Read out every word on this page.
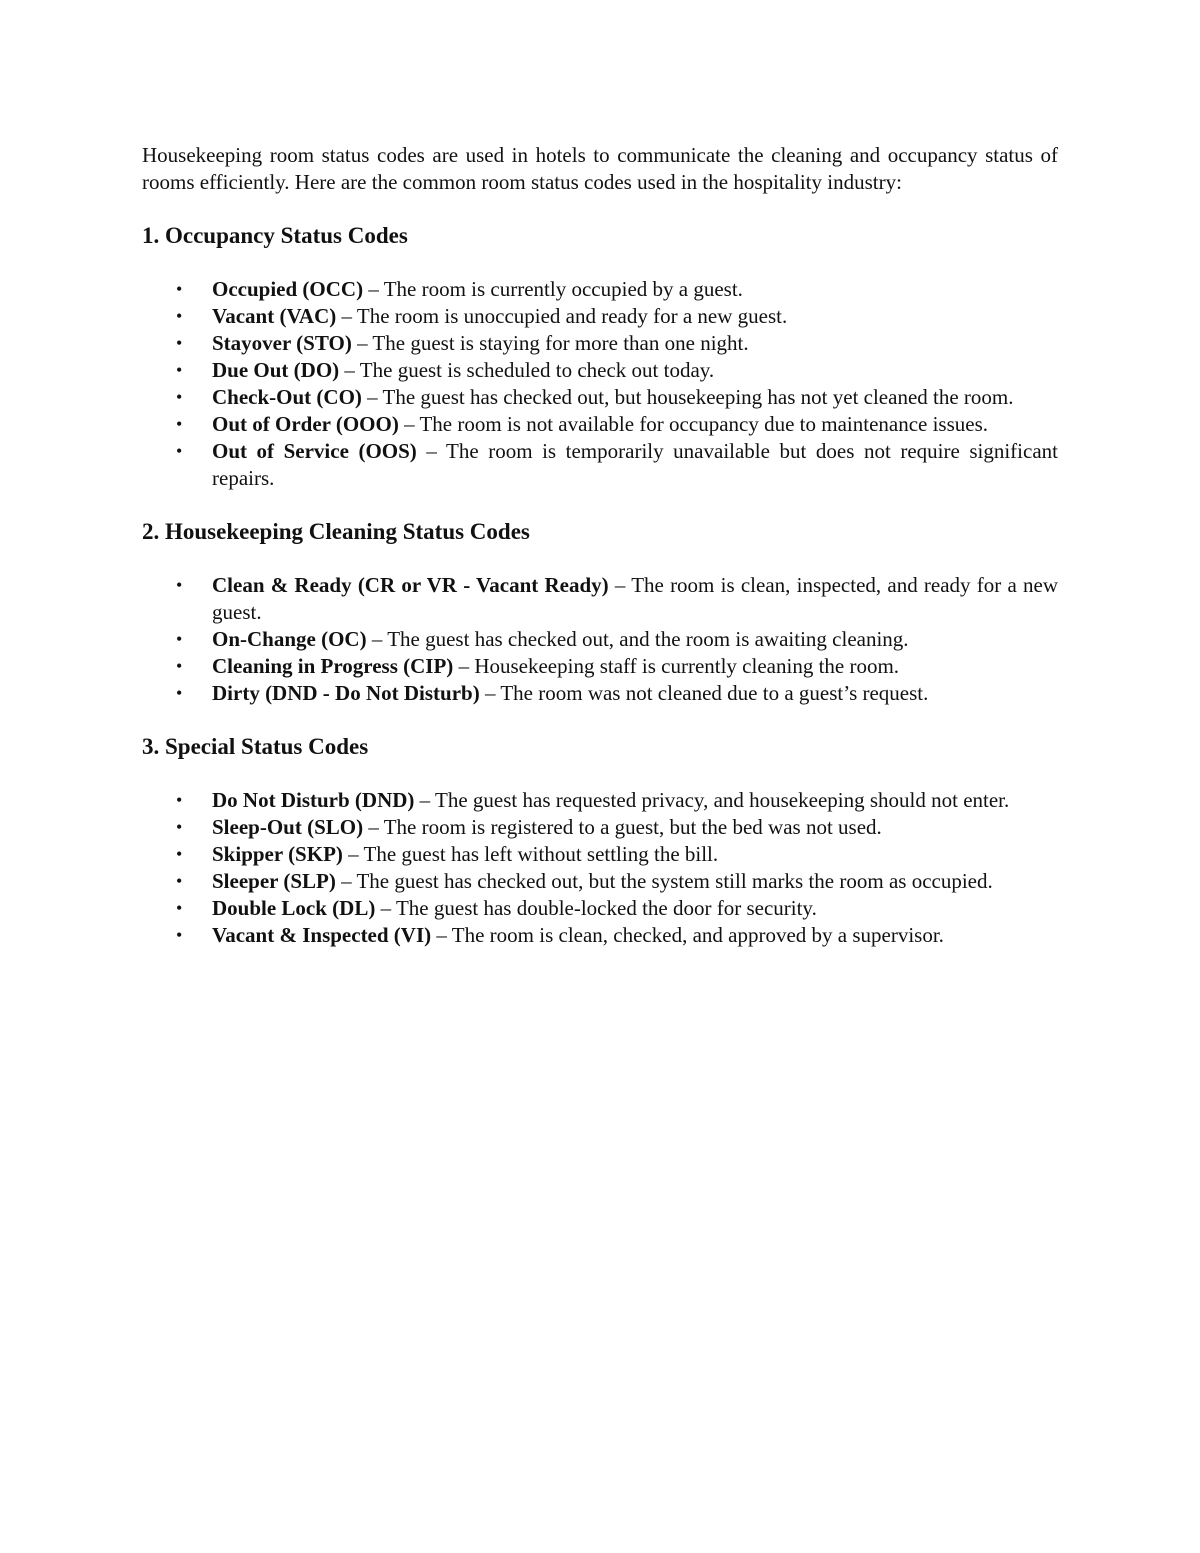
Housekeeping room status codes are used in hotels to communicate the cleaning and occupancy status of rooms efficiently. Here are the common room status codes used in the hospitality industry:

1. Occupancy Status Codes
• Occupied (OCC) – The room is currently occupied by a guest.
• Vacant (VAC) – The room is unoccupied and ready for a new guest.
• Stayover (STO) – The guest is staying for more than one night.
• Due Out (DO) – The guest is scheduled to check out today.
• Check-Out (CO) – The guest has checked out, but housekeeping has not yet cleaned the room.
• Out of Order (OOO) – The room is not available for occupancy due to maintenance issues.
• Out of Service (OOS) – The room is temporarily unavailable but does not require significant repairs.
2. Housekeeping Cleaning Status Codes
• Clean & Ready (CR or VR - Vacant Ready) – The room is clean, inspected, and ready for a new guest.
• On-Change (OC) – The guest has checked out, and the room is awaiting cleaning.
• Cleaning in Progress (CIP) – Housekeeping staff is currently cleaning the room.
• Dirty (DND - Do Not Disturb) – The room was not cleaned due to a guest’s request.
3. Special Status Codes
• Do Not Disturb (DND) – The guest has requested privacy, and housekeeping should not enter.
• Sleep-Out (SLO) – The room is registered to a guest, but the bed was not used.
• Skipper (SKP) – The guest has left without settling the bill.
• Sleeper (SLP) – The guest has checked out, but the system still marks the room as occupied.
• Double Lock (DL) – The guest has double-locked the door for security.
• Vacant & Inspected (VI) – The room is clean, checked, and approved by a supervisor.
